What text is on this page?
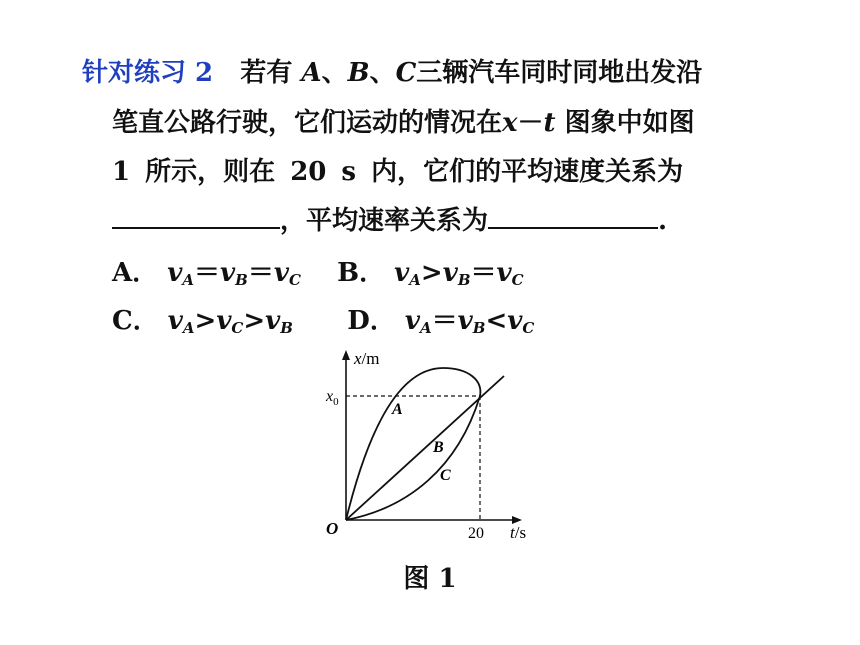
针对练习 2 若有 A、B、C三辆汽车同时同地出发沿
笔直公路行驶，它们运动的情况在x－t 图象中如图
1 所示，则在 20 s 内，它们的平均速度关系为
，平均速率关系为	.
A． $v_A=v_B=v_C$ B． $v_A>v_B=v_C$
C． $v_A>v_C>v_B$ D． $v_A=v_B<v_C$
x/m
$x_0$
O	20 t/s
A
B
C
图 1
